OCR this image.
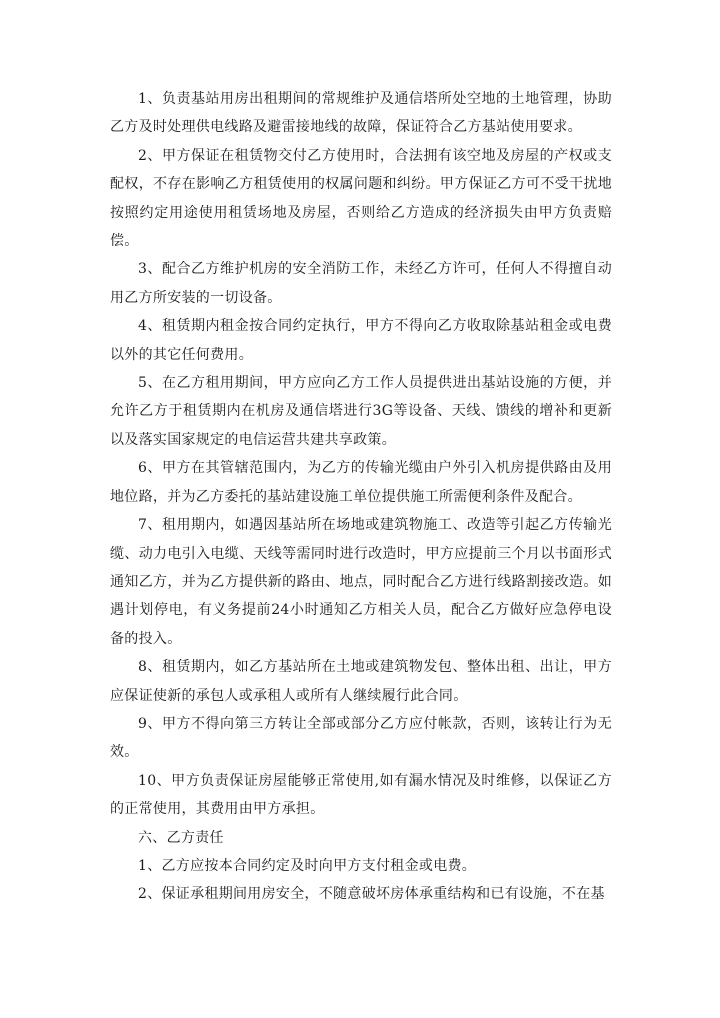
1、负责基站用房出租期间的常规维护及通信塔所处空地的土地管理，协助乙方及时处理供电线路及避雷接地线的故障，保证符合乙方基站使用要求。

2、甲方保证在租赁物交付乙方使用时，合法拥有该空地及房屋的产权或支配权，不存在影响乙方租赁使用的权属问题和纠纷。甲方保证乙方可不受干扰地按照约定用途使用租赁场地及房屋，否则给乙方造成的经济损失由甲方负责赔偿。

3、配合乙方维护机房的安全消防工作，未经乙方许可，任何人不得擅自动用乙方所安装的一切设备。

4、租赁期内租金按合同约定执行，甲方不得向乙方收取除基站租金或电费以外的其它任何费用。

5、在乙方租用期间，甲方应向乙方工作人员提供进出基站设施的方便，并允许乙方于租赁期内在机房及通信塔进行3G等设备、天线、馈线的增补和更新以及落实国家规定的电信运营共建共享政策。

6、甲方在其管辖范围内，为乙方的传输光缆由户外引入机房提供路由及用地位路，并为乙方委托的基站建设施工单位提供施工所需便利条件及配合。

7、租用期内，如遇因基站所在场地或建筑物施工、改造等引起乙方传输光缆、动力电引入电缆、天线等需同时进行改造时，甲方应提前三个月以书面形式通知乙方，并为乙方提供新的路由、地点，同时配合乙方进行线路割接改造。如遇计划停电，有义务提前24小时通知乙方相关人员，配合乙方做好应急停电设备的投入。

8、租赁期内，如乙方基站所在土地或建筑物发包、整体出租、出让，甲方应保证使新的承包人或承租人或所有人继续履行此合同。

9、甲方不得向第三方转让全部或部分乙方应付帐款，否则，该转让行为无效。

10、甲方负责保证房屋能够正常使用,如有漏水情况及时维修，以保证乙方的正常使用，其费用由甲方承担。

六、乙方责任

1、乙方应按本合同约定及时向甲方支付租金或电费。

2、保证承租期间用房安全，不随意破坏房体承重结构和已有设施，不在基
